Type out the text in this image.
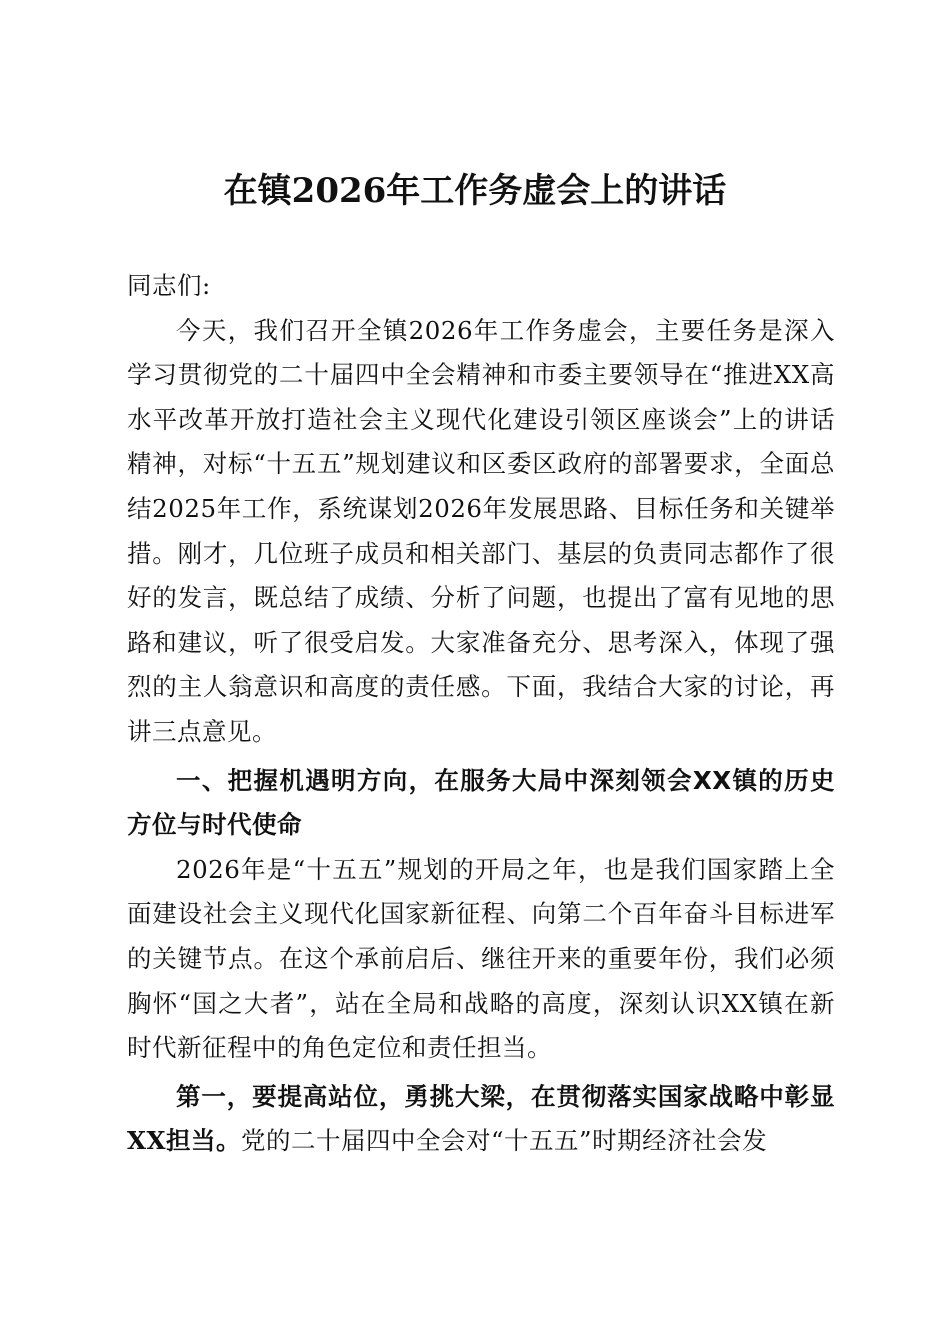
在镇2026年工作务虚会上的讲话

同志们:

今天，我们召开全镇2026年工作务虚会，主要任务是深入学习贯彻党的二十届四中全会精神和市委主要领导在“推进XX高水平改革开放打造社会主义现代化建设引领区座谈会”上的讲话精神，对标“十五五”规划建议和区委区政府的部署要求，全面总结2025年工作，系统谋划2026年发展思路、目标任务和关键举措。刚才，几位班子成员和相关部门、基层的负责同志都作了很好的发言，既总结了成绩、分析了问题，也提出了富有见地的思路和建议，听了很受启发。大家准备充分、思考深入，体现了强烈的主人翁意识和高度的责任感。下面，我结合大家的讨论，再讲三点意见。

一、把握机遇明方向，在服务大局中深刻领会XX镇的历史方位与时代使命

2026年是“十五五”规划的开局之年，也是我们国家踏上全面建设社会主义现代化国家新征程、向第二个百年奋斗目标进军的关键节点。在这个承前启后、继往开来的重要年份，我们必须胸怀“国之大者”，站在全局和战略的高度，深刻认识XX镇在新时代新征程中的角色定位和责任担当。

第一，要提高站位，勇挑大梁，在贯彻落实国家战略中彰显XX担当。党的二十届四中全会对“十五五”时期经济社会发
